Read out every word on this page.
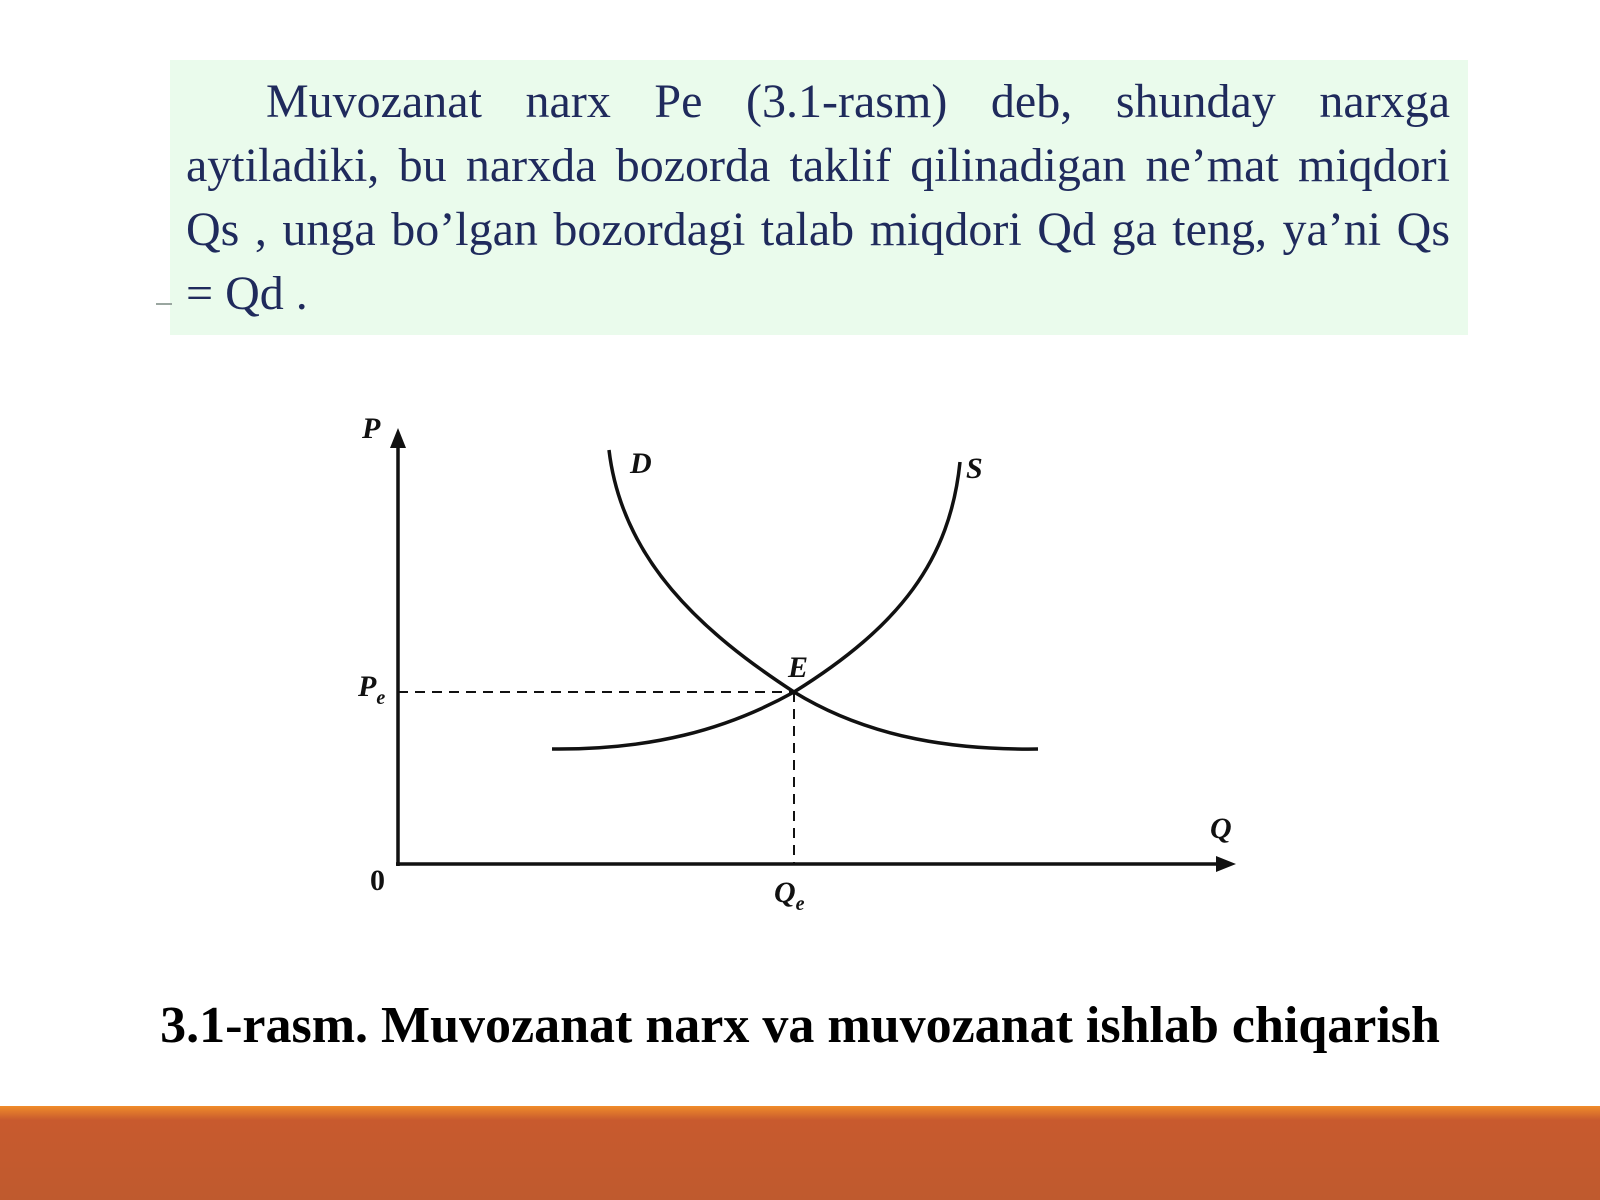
Muvozanat narx Pe (3.1-rasm) deb, shunday narxga aytiladiki, bu narxda bozorda taklif qilinadigan ne’mat miqdori Qs , unga bo’lgan bozordagi talab miqdori Qd ga teng, ya’ni Qs = Qd .

P
Q
0
D	S
E
$P_e$
$Q_e$

3.1-rasm. Muvozanat narx va muvozanat ishlab chiqarish
